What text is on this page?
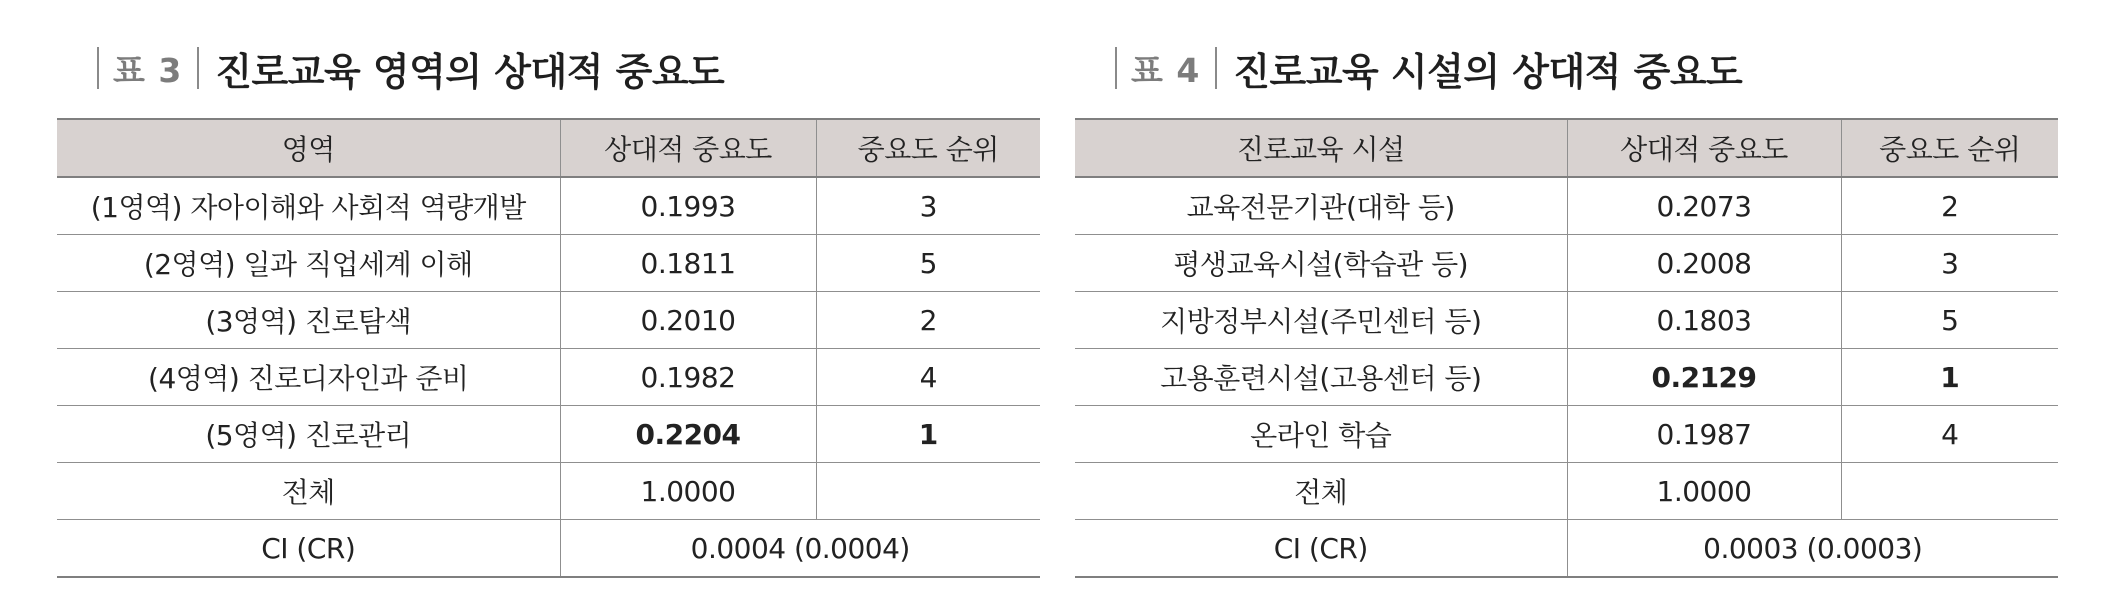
표 3 진로교육 영역의 상대적 중요도
영역	상대적 중요도	중요도 순위
(1영역) 자아이해와 사회적 역량개발	0.1993	3
(2영역) 일과 직업세계 이해	0.1811	5
(3영역) 진로탐색	0.2010	2
(4영역) 진로디자인과 준비	0.1982	4
(5영역) 진로관리	0.2204	1
전체	1.0000	
CI (CR)	0.0004 (0.0004)	
표 4 진로교육 시설의 상대적 중요도
진로교육 시설	상대적 중요도	중요도 순위
교육전문기관(대학 등)	0.2073	2
평생교육시설(학습관 등)	0.2008	3
지방정부시설(주민센터 등)	0.1803	5
고용훈련시설(고용센터 등)	0.2129	1
온라인 학습	0.1987	4
전체	1.0000	
CI (CR)	0.0003 (0.0003)	
